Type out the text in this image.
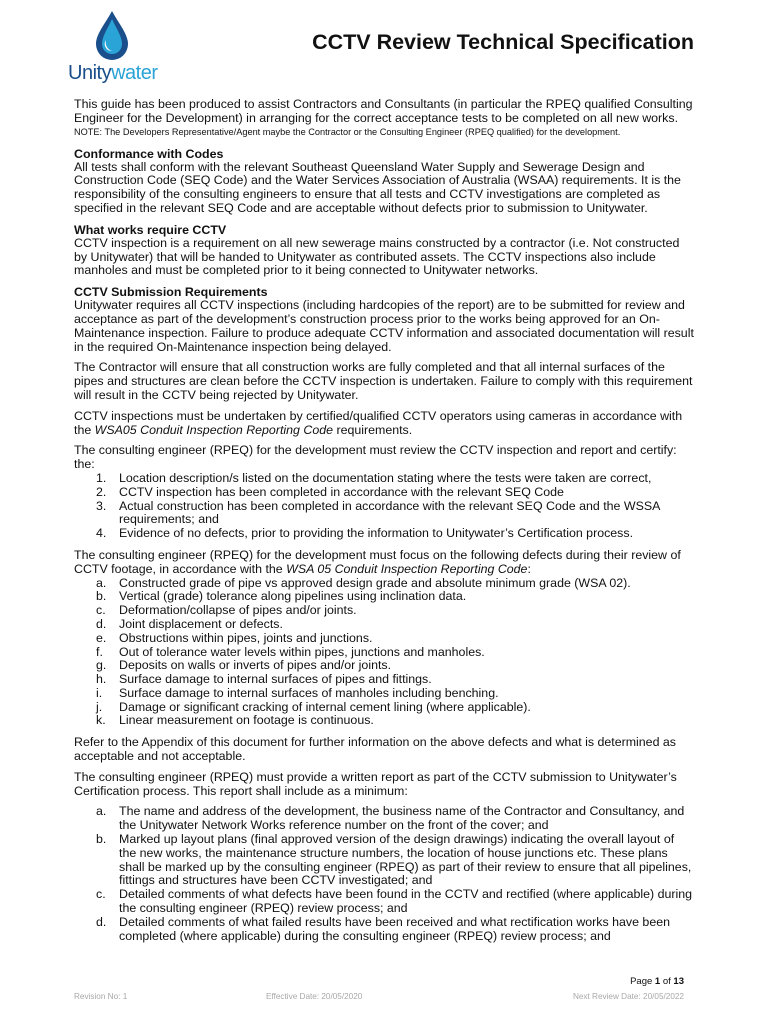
Unitywater
CCTV Review Technical Specification

This guide has been produced to assist Contractors and Consultants (in particular the RPEQ qualified Consulting Engineer for the Development) in arranging for the correct acceptance tests to be completed on all new works.

NOTE: The Developers Representative/Agent maybe the Contractor or the Consulting Engineer (RPEQ qualified) for the development.

Conformance with Codes

All tests shall conform with the relevant Southeast Queensland Water Supply and Sewerage Design and Construction Code (SEQ Code) and the Water Services Association of Australia (WSAA) requirements. It is the responsibility of the consulting engineers to ensure that all tests and CCTV investigations are completed as specified in the relevant SEQ Code and are acceptable without defects prior to submission to Unitywater.

What works require CCTV

CCTV inspection is a requirement on all new sewerage mains constructed by a contractor (i.e. Not constructed by Unitywater) that will be handed to Unitywater as contributed assets. The CCTV inspections also include manholes and must be completed prior to it being connected to Unitywater networks.

CCTV Submission Requirements

Unitywater requires all CCTV inspections (including hardcopies of the report) are to be submitted for review and acceptance as part of the development’s construction process prior to the works being approved for an On-Maintenance inspection. Failure to produce adequate CCTV information and associated documentation will result in the required On-Maintenance inspection being delayed.

The Contractor will ensure that all construction works are fully completed and that all internal surfaces of the pipes and structures are clean before the CCTV inspection is undertaken. Failure to comply with this requirement will result in the CCTV being rejected by Unitywater.

CCTV inspections must be undertaken by certified/qualified CCTV operators using cameras in accordance with the WSA05 Conduit Inspection Reporting Code requirements.

The consulting engineer (RPEQ) for the development must review the CCTV inspection and report and certify: the:

1. Location description/s listed on the documentation stating where the tests were taken are correct,
2. CCTV inspection has been completed in accordance with the relevant SEQ Code
3. Actual construction has been completed in accordance with the relevant SEQ Code and the WSSA requirements; and
4. Evidence of no defects, prior to providing the information to Unitywater’s Certification process.

The consulting engineer (RPEQ) for the development must focus on the following defects during their review of CCTV footage, in accordance with the WSA 05 Conduit Inspection Reporting Code:

a. Constructed grade of pipe vs approved design grade and absolute minimum grade (WSA 02).
b. Vertical (grade) tolerance along pipelines using inclination data.
c. Deformation/collapse of pipes and/or joints.
d. Joint displacement or defects.
e. Obstructions within pipes, joints and junctions.
f. Out of tolerance water levels within pipes, junctions and manholes.
g. Deposits on walls or inverts of pipes and/or joints.
h. Surface damage to internal surfaces of pipes and fittings.
i. Surface damage to internal surfaces of manholes including benching.
j. Damage or significant cracking of internal cement lining (where applicable).
k. Linear measurement on footage is continuous.

Refer to the Appendix of this document for further information on the above defects and what is determined as acceptable and not acceptable.

The consulting engineer (RPEQ) must provide a written report as part of the CCTV submission to Unitywater’s Certification process. This report shall include as a minimum:

a. The name and address of the development, the business name of the Contractor and Consultancy, and the Unitywater Network Works reference number on the front of the cover; and
b. Marked up layout plans (final approved version of the design drawings) indicating the overall layout of the new works, the maintenance structure numbers, the location of house junctions etc. These plans shall be marked up by the consulting engineer (RPEQ) as part of their review to ensure that all pipelines, fittings and structures have been CCTV investigated; and
c. Detailed comments of what defects have been found in the CCTV and rectified (where applicable) during the consulting engineer (RPEQ) review process; and
d. Detailed comments of what failed results have been received and what rectification works have been completed (where applicable) during the consulting engineer (RPEQ) review process; and
Page 1 of 13
Revision No: 1	Effective Date: 20/05/2020	Next Review Date: 20/05/2022
